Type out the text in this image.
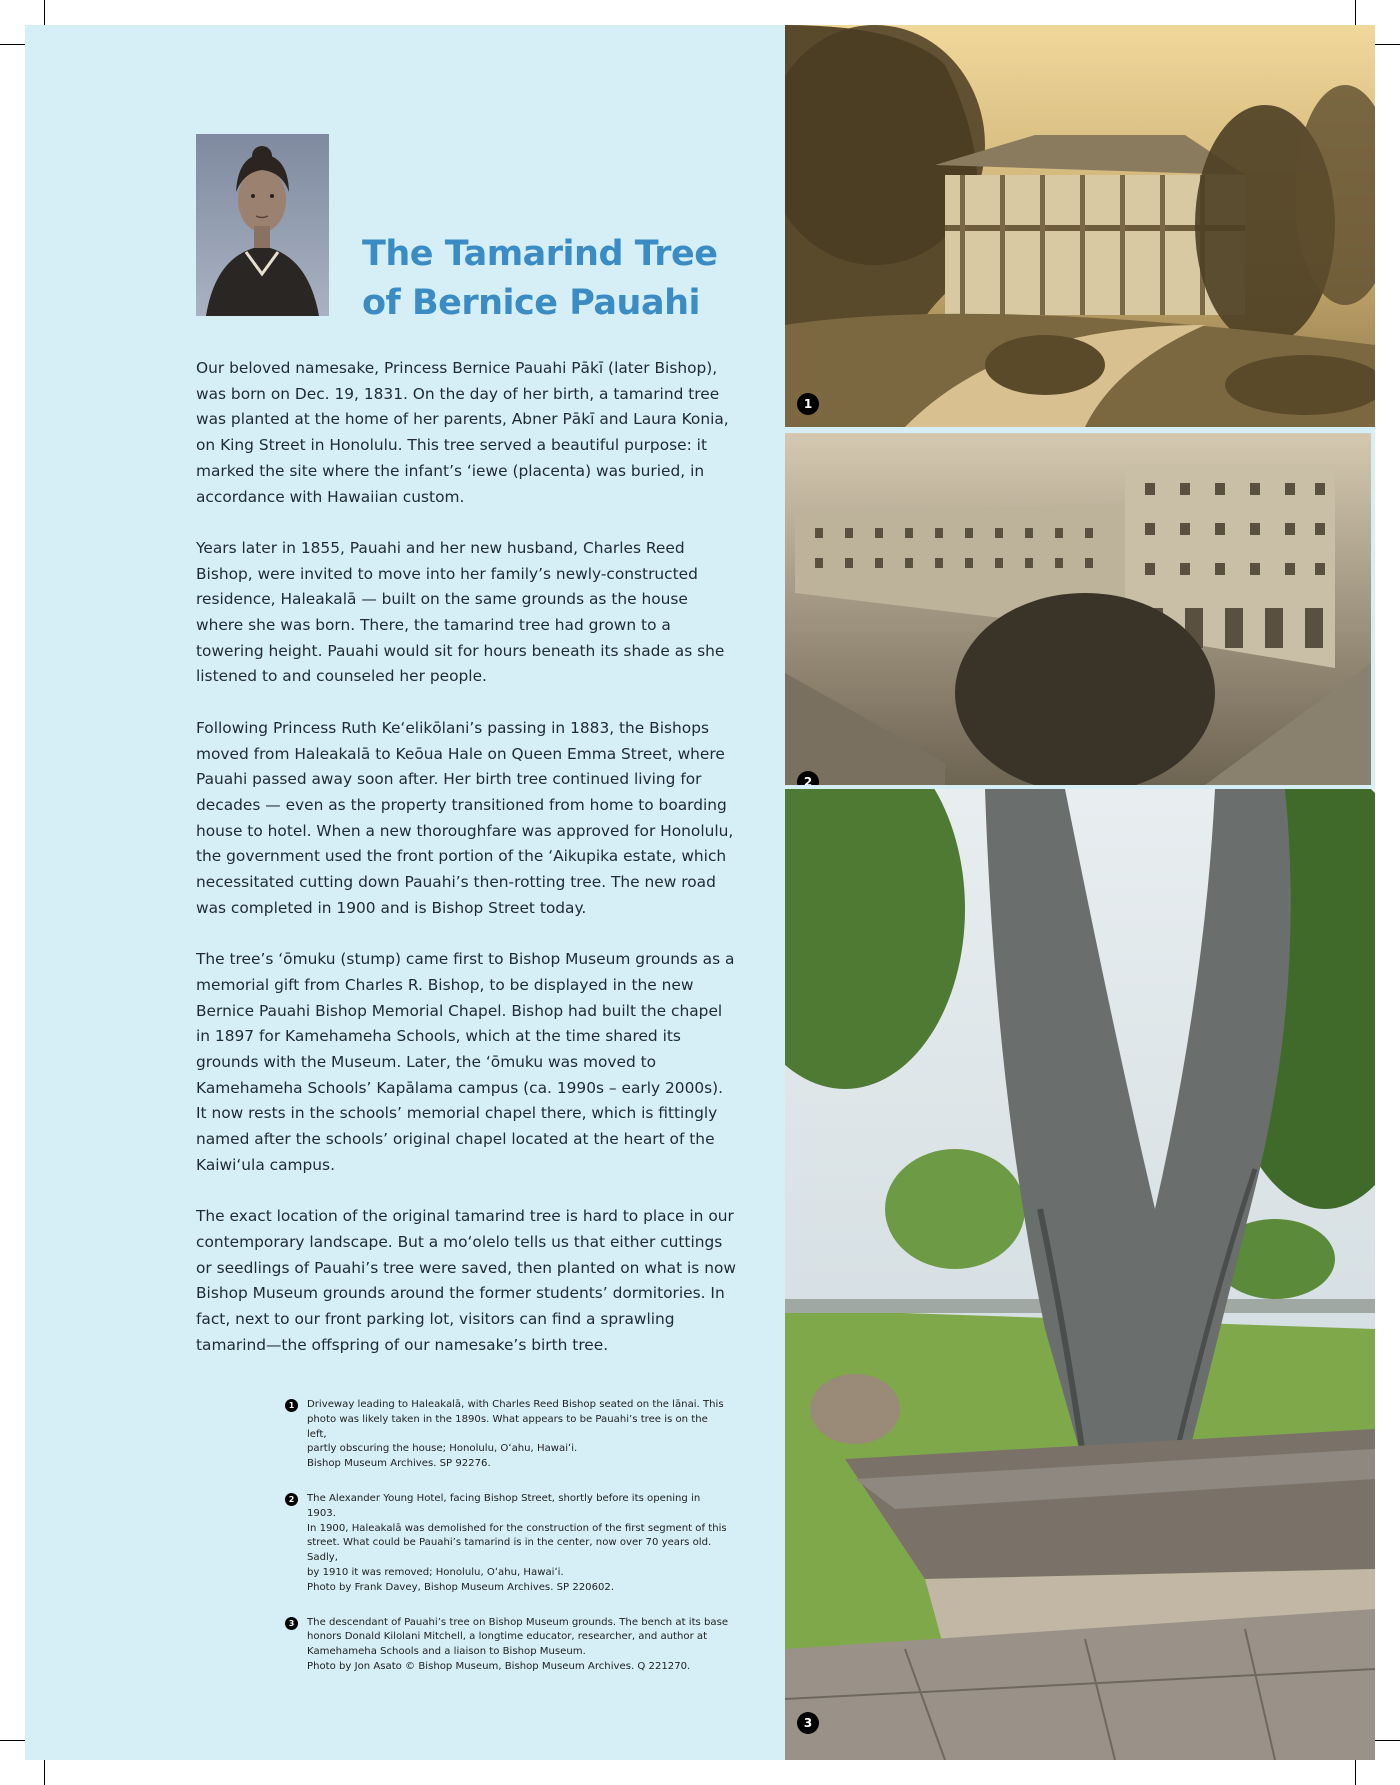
The Tamarind Tree
of Bernice Pauahi

Our beloved namesake, Princess Bernice Pauahi Pākī (later Bishop), was born on Dec. 19, 1831. On the day of her birth, a tamarind tree was planted at the home of her parents, Abner Pākī and Laura Konia, on King Street in Honolulu. This tree served a beautiful purpose: it marked the site where the infant’s ʻiewe (placenta) was buried, in accordance with Hawaiian custom.

Years later in 1855, Pauahi and her new husband, Charles Reed Bishop, were invited to move into her family’s newly-constructed residence, Haleakalā — built on the same grounds as the house where she was born. There, the tamarind tree had grown to a towering height. Pauahi would sit for hours beneath its shade as she listened to and counseled her people.

Following Princess Ruth Keʻelikōlani’s passing in 1883, the Bishops moved from Haleakalā to Keōua Hale on Queen Emma Street, where Pauahi passed away soon after. Her birth tree continued living for decades — even as the property transitioned from home to boarding house to hotel. When a new thoroughfare was approved for Honolulu, the government used the front portion of the ʻAikupika estate, which necessitated cutting down Pauahi’s then-rotting tree. The new road was completed in 1900 and is Bishop Street today.

The tree’s ʻōmuku (stump) came first to Bishop Museum grounds as a memorial gift from Charles R. Bishop, to be displayed in the new Bernice Pauahi Bishop Memorial Chapel. Bishop had built the chapel in 1897 for Kamehameha Schools, which at the time shared its grounds with the Museum. Later, the ʻōmuku was moved to Kamehameha Schools’ Kapālama campus (ca. 1990s – early 2000s). It now rests in the schools’ memorial chapel there, which is fittingly named after the schools’ original chapel located at the heart of the Kaiwiʻula campus.

The exact location of the original tamarind tree is hard to place in our contemporary landscape. But a moʻolelo tells us that either cuttings or seedlings of Pauahi’s tree were saved, then planted on what is now Bishop Museum grounds around the former students’ dormitories. In fact, next to our front parking lot, visitors can find a sprawling tamarind—the offspring of our namesake’s birth tree.

1	Driveway leading to Haleakalā, with Charles Reed Bishop seated on the lānai. This
photo was likely taken in the 1890s. What appears to be Pauahi’s tree is on the left,
partly obscuring the house; Honolulu, Oʻahu, Hawaiʻi.
Bishop Museum Archives. SP 92276.
2	The Alexander Young Hotel, facing Bishop Street, shortly before its opening in 1903.
In 1900, Haleakalā was demolished for the construction of the first segment of this
street. What could be Pauahi’s tamarind is in the center, now over 70 years old. Sadly,
by 1910 it was removed; Honolulu, Oʻahu, Hawaiʻi.
Photo by Frank Davey, Bishop Museum Archives. SP 220602.
3	The descendant of Pauahi’s tree on Bishop Museum grounds. The bench at its base
honors Donald Kilolani Mitchell, a longtime educator, researcher, and author at
Kamehameha Schools and a liaison to Bishop Museum.
Photo by Jon Asato © Bishop Museum, Bishop Museum Archives. Q 221270.
1
2
3
